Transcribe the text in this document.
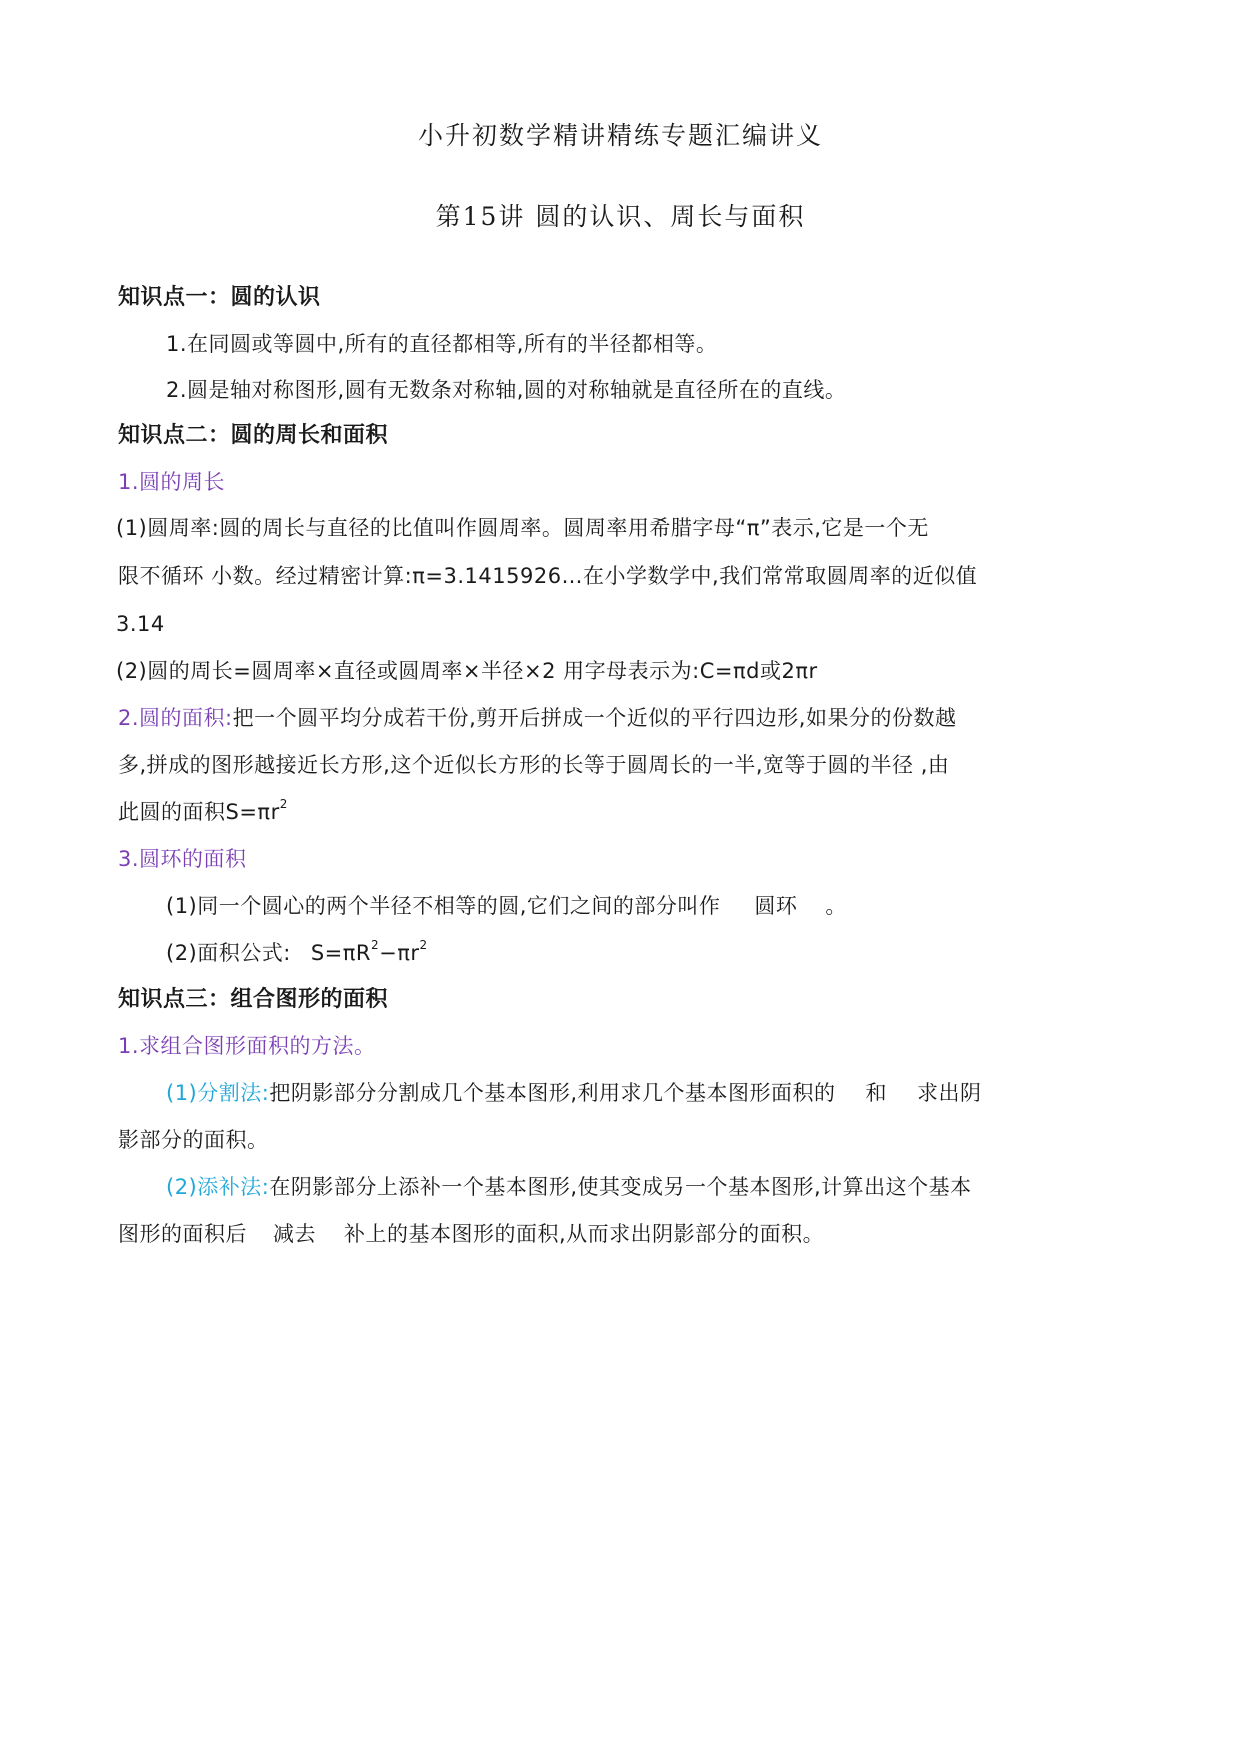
小升初数学精讲精练专题汇编讲义
第15讲 圆的认识、周长与面积
知识点一：圆的认识
1.在同圆或等圆中,所有的直径都相等,所有的半径都相等。
2.圆是轴对称图形,圆有无数条对称轴,圆的对称轴就是直径所在的直线。
知识点二：圆的周长和面积
1.圆的周长
(1)圆周率:圆的周长与直径的比值叫作圆周率。圆周率用希腊字母“π”表示,它是一个无
限不循环 小数。经过精密计算:π=3.1415926…在小学数学中,我们常常取圆周率的近似值
3.14
(2)圆的周长=圆周率×直径或圆周率×半径×2 用字母表示为:C=πd或2πr
2.圆的面积:把一个圆平均分成若干份,剪开后拼成一个近似的平行四边形,如果分的份数越
多,拼成的图形越接近长方形,这个近似长方形的长等于圆周长的一半,宽等于圆的半径 ,由
此圆的面积$S=\pi r^2$
3.圆环的面积
(1)同一个圆心的两个半径不相等的圆,它们之间的部分叫作 圆环 。
(2)面积公式: $S=\pi R^2-\pi r^2$
知识点三：组合图形的面积
1.求组合图形面积的方法。
(1)分割法:把阴影部分分割成几个基本图形,利用求几个基本图形面积的 和 求出阴
影部分的面积。
(2)添补法:在阴影部分上添补一个基本图形,使其变成另一个基本图形,计算出这个基本
图形的面积后 减去 补上的基本图形的面积,从而求出阴影部分的面积。
